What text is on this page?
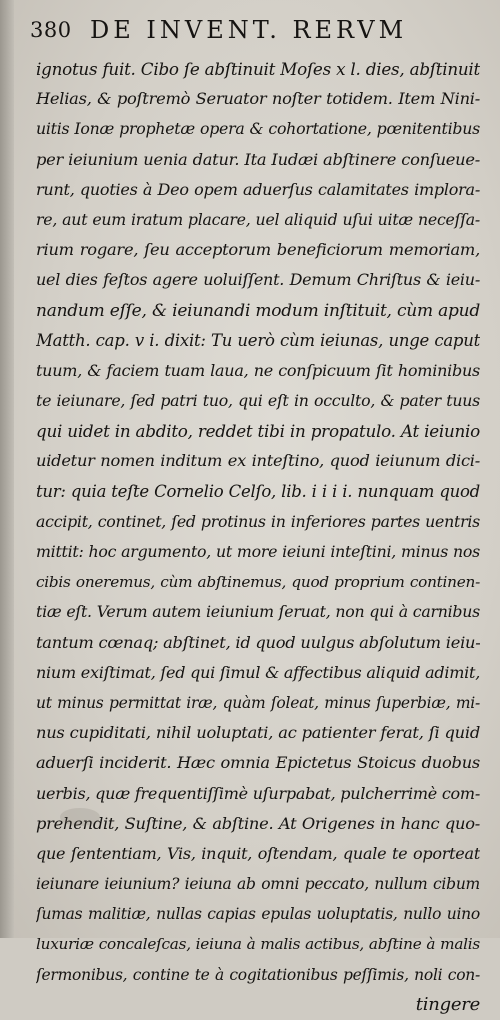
380 DE INVENT. RERVM
ignotus fuit. Cibo ſe abſtinuit Moſes x l. dies, abſtinuit
Helias, & poſtremò Seruator noſter totidem. Item Nini-
uitis Ionæ prophetæ opera & cohortatione, pœnitentibus
per ieiunium uenia datur. Ita Iudæi abſtinere conſueue-
runt, quoties à Deo opem aduerſus calamitates implora-
re, aut eum iratum placare, uel aliquid uſui uitæ neceſſa-
rium rogare, ſeu acceptorum beneficiorum memoriam,
uel dies feſtos agere uoluiſſent. Demum Chriſtus & ieiu-
nandum eſſe, & ieiunandi modum inſtituit, cùm apud
Matth. cap. v i. dixit: Tu uerò cùm ieiunas, unge caput
tuum, & faciem tuam laua, ne conſpicuum ſit hominibus
te ieiunare, ſed patri tuo, qui eſt in occulto, & pater tuus
qui uidet in abdito, reddet tibi in propatulo. At ieiunio
uidetur nomen inditum ex inteſtino, quod ieiunum dici-
tur: quia teſte Cornelio Celſo, lib. i i i i. nunquam quod
accipit, continet, ſed protinus in inferiores partes uentris
mittit: hoc argumento, ut more ieiuni inteſtini, minus nos
cibis oneremus, cùm abſtinemus, quod proprium continen-
tiæ eſt. Verum autem ieiunium ſeruat, non qui à carnibus
tantum cœnaq; abſtinet, id quod uulgus abſolutum ieiu-
nium exiſtimat, ſed qui ſimul & affectibus aliquid adimit,
ut minus permittat iræ, quàm ſoleat, minus ſuperbiæ, mi-
nus cupiditati, nihil uoluptati, ac patienter ferat, ſi quid
aduerſi inciderit. Hæc omnia Epictetus Stoicus duobus
uerbis, quæ frequentiſſimè uſurpabat, pulcherrimè com-
prehendit, Suſtine, & abſtine. At Origenes in hanc quo-
que ſententiam, Vis, inquit, oſtendam, quale te oporteat
ieiunare ieiunium? ieiuna ab omni peccato, nullum cibum
ſumas malitiæ, nullas capias epulas uoluptatis, nullo uino
luxuriæ concaleſcas, ieiuna à malis actibus, abſtine à malis
ſermonibus, contine te à cogitationibus peſſimis, noli con-
tingere
